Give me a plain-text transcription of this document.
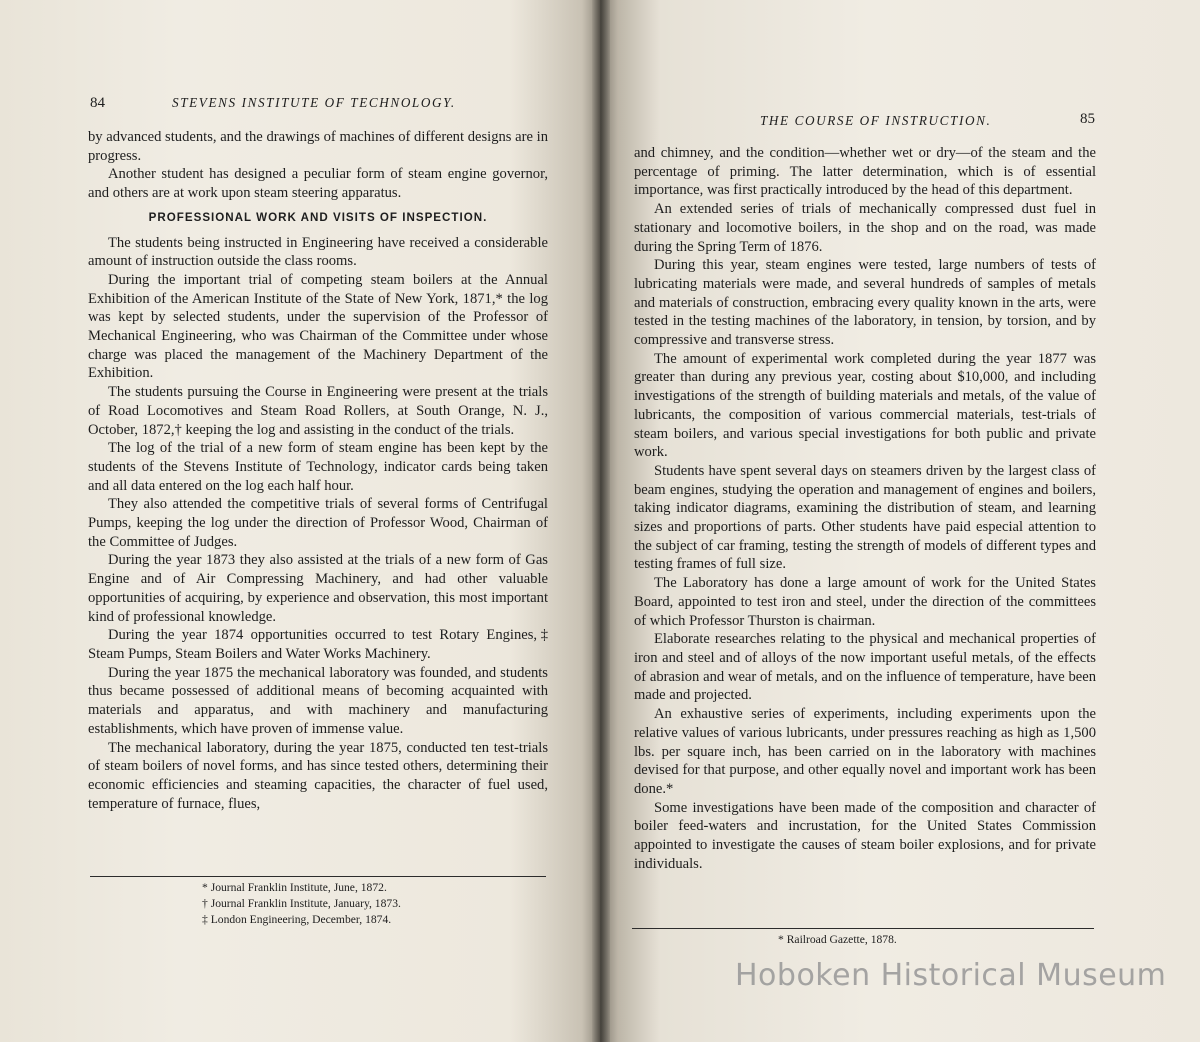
84	STEVENS INSTITUTE OF TECHNOLOGY.

by advanced students, and the drawings of machines of different designs are in progress.

Another student has designed a peculiar form of steam engine governor, and others are at work upon steam steering apparatus.

PROFESSIONAL WORK AND VISITS OF INSPECTION.

The students being instructed in Engineering have received a considerable amount of instruction outside the class rooms.

During the important trial of competing steam boilers at the Annual Exhibition of the American Institute of the State of New York, 1871,* the log was kept by selected students, under the supervision of the Professor of Mechanical Engineering, who was Chairman of the Committee under whose charge was placed the management of the Machinery Department of the Exhibition.

The students pursuing the Course in Engineering were present at the trials of Road Locomotives and Steam Road Rollers, at South Orange, N. J., October, 1872,† keeping the log and assisting in the conduct of the trials.

The log of the trial of a new form of steam engine has been kept by the students of the Stevens Institute of Technology, indicator cards being taken and all data entered on the log each half hour.

They also attended the competitive trials of several forms of Centrifugal Pumps, keeping the log under the direction of Professor Wood, Chairman of the Committee of Judges.

During the year 1873 they also assisted at the trials of a new form of Gas Engine and of Air Compressing Machinery, and had other valuable opportunities of acquiring, by experience and observation, this most important kind of professional knowledge.

During the year 1874 opportunities occurred to test Rotary Engines,‡ Steam Pumps, Steam Boilers and Water Works Machinery.

During the year 1875 the mechanical laboratory was founded, and students thus became possessed of additional means of becoming acquainted with materials and apparatus, and with machinery and manufacturing establishments, which have proven of immense value.

The mechanical laboratory, during the year 1875, conducted ten test-trials of steam boilers of novel forms, and has since tested others, determining their economic efficiencies and steaming capacities, the character of fuel used, temperature of furnace, flues,

* Journal Franklin Institute, June, 1872.
† Journal Franklin Institute, January, 1873.
‡ London Engineering, December, 1874.
THE COURSE OF INSTRUCTION.	85

and chimney, and the condition—whether wet or dry—of the steam and the percentage of priming. The latter determination, which is of essential importance, was first practically introduced by the head of this department.

An extended series of trials of mechanically compressed dust fuel in stationary and locomotive boilers, in the shop and on the road, was made during the Spring Term of 1876.

During this year, steam engines were tested, large numbers of tests of lubricating materials were made, and several hundreds of samples of metals and materials of construction, embracing every quality known in the arts, were tested in the testing machines of the laboratory, in tension, by torsion, and by compressive and transverse stress.

The amount of experimental work completed during the year 1877 was greater than during any previous year, costing about $10,000, and including investigations of the strength of building materials and metals, of the value of lubricants, the composition of various commercial materials, test-trials of steam boilers, and various special investigations for both public and private work.

Students have spent several days on steamers driven by the largest class of beam engines, studying the operation and management of engines and boilers, taking indicator diagrams, examining the distribution of steam, and learning sizes and proportions of parts. Other students have paid especial attention to the subject of car framing, testing the strength of models of different types and testing frames of full size.

The Laboratory has done a large amount of work for the United States Board, appointed to test iron and steel, under the direction of the committees of which Professor Thurston is chairman.

Elaborate researches relating to the physical and mechanical properties of iron and steel and of alloys of the now important useful metals, of the effects of abrasion and wear of metals, and on the influence of temperature, have been made and projected.

An exhaustive series of experiments, including experiments upon the relative values of various lubricants, under pressures reaching as high as 1,500 lbs. per square inch, has been carried on in the laboratory with machines devised for that purpose, and other equally novel and important work has been done.*

Some investigations have been made of the composition and character of boiler feed-waters and incrustation, for the United States Commission appointed to investigate the causes of steam boiler explosions, and for private individuals.

* Railroad Gazette, 1878.
Hoboken Historical Museum
